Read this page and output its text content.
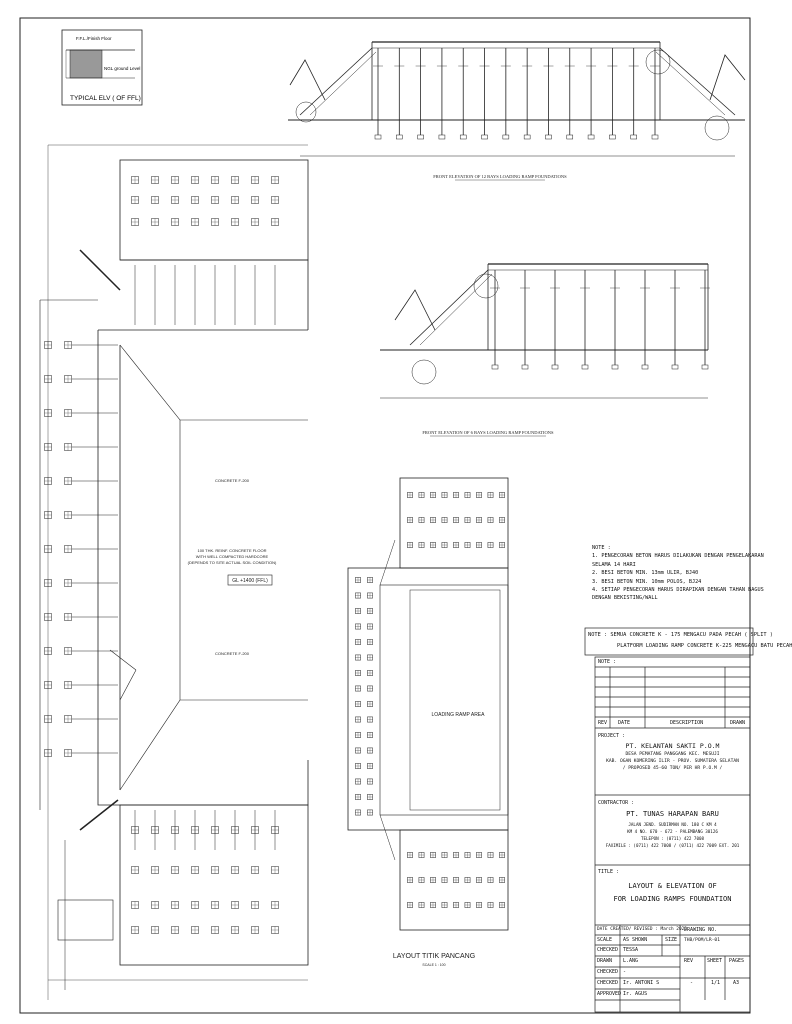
F.F.L./Finish Floor
NGL ground Level
TYPICAL ELV ( OF FFL)
FRONT ELEVATION OF 12 BAYS LOADING RAMP FOUNDATIONS
FRONT ELEVATION OF 6 BAYS LOADING RAMP FOUNDATIONS
CONCRETE F-200
100 THK. REINF. CONCRETE FLOOR
WITH WELL COMPACTED HARDCORE
(DEPENDS TO SITE ACTUAL SOIL CONDITION)
GL +1400 (FFL)
CONCRETE F-200
LOADING RAMP AREA
LAYOUT TITIK PANCANG
SCALE 1 : 100
NOTE :
1. PENGECORAN BETON HARUS DILAKUKAN DENGAN PENGELAKARAN
SELAMA 14 HARI
2. BESI BETON MIN. 13mm ULIR, BJ40
3. BESI BETON MIN. 10mm POLOS, BJ24
4. SETIAP PENGECORAN HARUS DIRAPIKAN DENGAN TAHAN BAGUS
DENGAN BEKISTING/WALL
NOTE : SEMUA CONCRETE K - 175 MENGACU PADA PECAH ( SPLIT )
PLATFORM LOADING RAMP CONCRETE K-225 MENGACU BATU PECAH
NOTE :
REV DATE	DESCRIPTION	DRAWN
PROJECT :
PT. KELANTAN SAKTI P.O.M
DESA PEMATANG PANGGANG KEC. MESUJI
KAB. OGAN KOMERING ILIR - PROV. SUMATERA SELATAN
/ PROPOSED 45-60 TON/ PER HR P.O.M /
CONTRACTOR :
PT. TUNAS HARAPAN BARU
JALAN JEND. SUDIRMAN NO. 180 C KM 4
KM 4 NO. 670 - 672 - PALEMBANG 30126
TELEPON : (0711) 422 7008
FAXIMILE : (0711) 422 7008 / (0711) 422 7009 EXT. 201
TITLE :
LAYOUT & ELEVATION OF
FOR LOADING RAMPS FOUNDATION
DATE CREATED/ REVISED : March 2022
DRAWING NO.
THB/POM/LR-01
SCALE AS SHOWN	SIZE
CHECKED TESSA
DRAWN L.ANG	REV	SHEET PAGES
CHECKED -
-	1/1	A3
CHECKED Ir. ANTONI S
APPROVED Ir. AGUS
